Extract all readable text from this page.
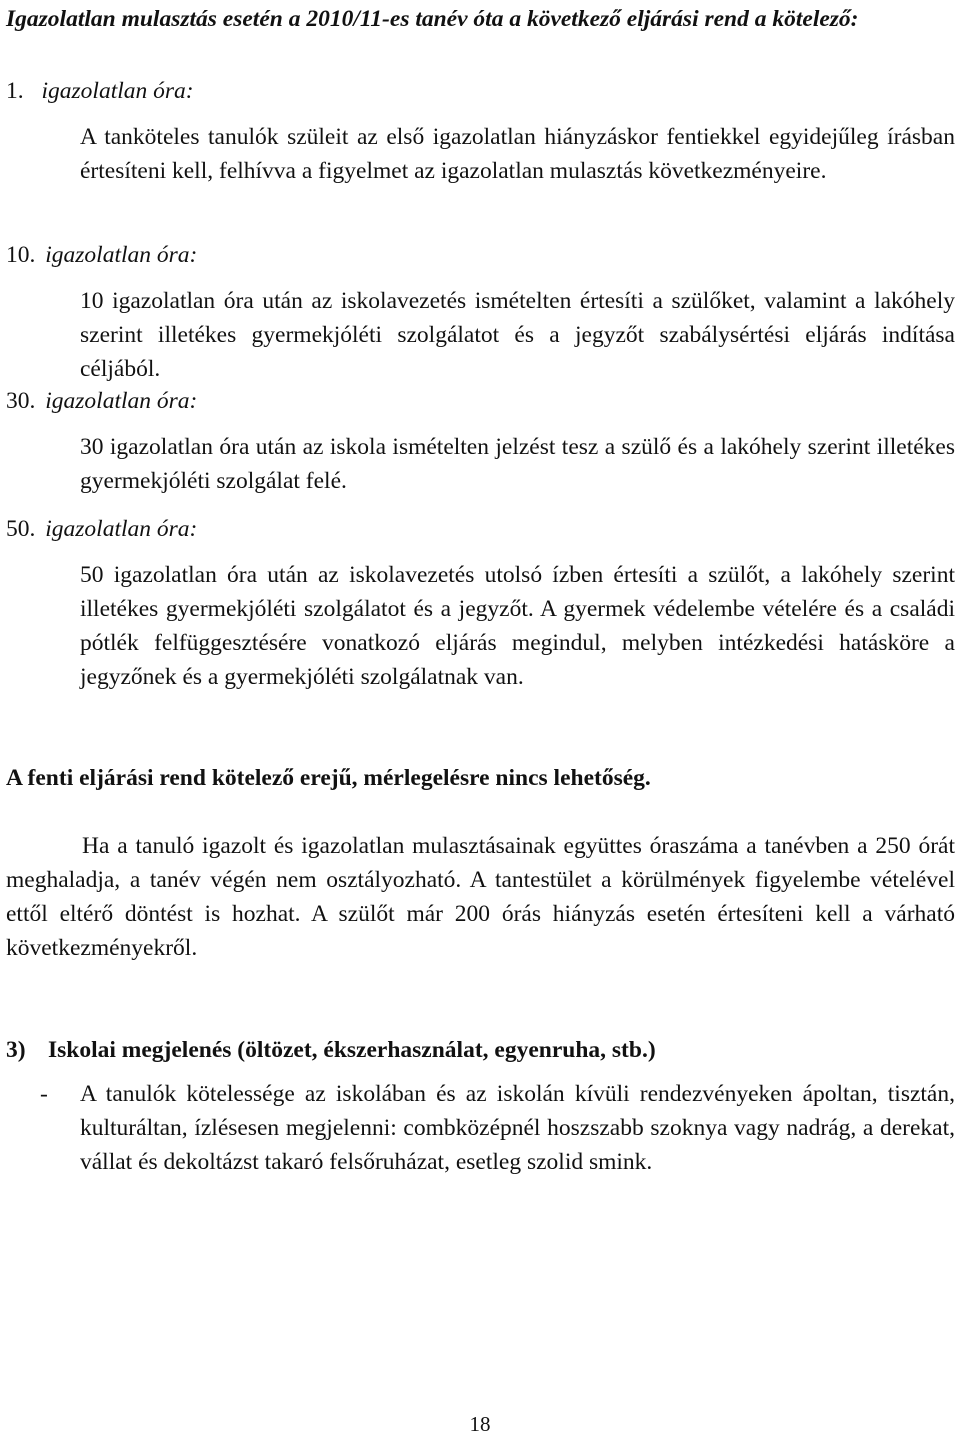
Igazolatlan mulasztás esetén a 2010/11-es tanév óta a következő eljárási rend a kötelező:

1. igazolatlan óra:

A tanköteles tanulók szüleit az első igazolatlan hiányzáskor fentiekkel egyidejűleg írásban értesíteni kell, felhívva a figyelmet az igazolatlan mulasztás következményeire.

10. igazolatlan óra:

10 igazolatlan óra után az iskolavezetés ismételten értesíti a szülőket, valamint a lakóhely szerint illetékes gyermekjóléti szolgálatot és a jegyzőt szabálysértési eljárás indítása céljából.

30. igazolatlan óra:

30 igazolatlan óra után az iskola ismételten jelzést tesz a szülő és a lakóhely szerint illetékes gyermekjóléti szolgálat felé.

50. igazolatlan óra:

50 igazolatlan óra után az iskolavezetés utolsó ízben értesíti a szülőt, a lakóhely szerint illetékes gyermekjóléti szolgálatot és a jegyzőt. A gyermek védelembe vételére és a családi pótlék felfüggesztésére vonatkozó eljárás megindul, melyben intézkedési hatásköre a jegyzőnek és a gyermekjóléti szolgálatnak van.

A fenti eljárási rend kötelező erejű, mérlegelésre nincs lehetőség.

Ha a tanuló igazolt és igazolatlan mulasztásainak együttes óraszáma a tanévben a 250 órát meghaladja, a tanév végén nem osztályozható. A tantestület a körülmények figyelembe vételével ettől eltérő döntést is hozhat. A szülőt már 200 órás hiányzás esetén értesíteni kell a várható következményekről.

3) Iskolai megjelenés (öltözet, ékszerhasználat, egyenruha, stb.)

- A tanulók kötelessége az iskolában és az iskolán kívüli rendezvényeken ápoltan, tisztán, kulturáltan, ízlésesen megjelenni: combközépnél hoszszabb szoknya vagy nadrág, a derekat, vállat és dekoltázst takaró felsőruházat, esetleg szolid smink.

18
